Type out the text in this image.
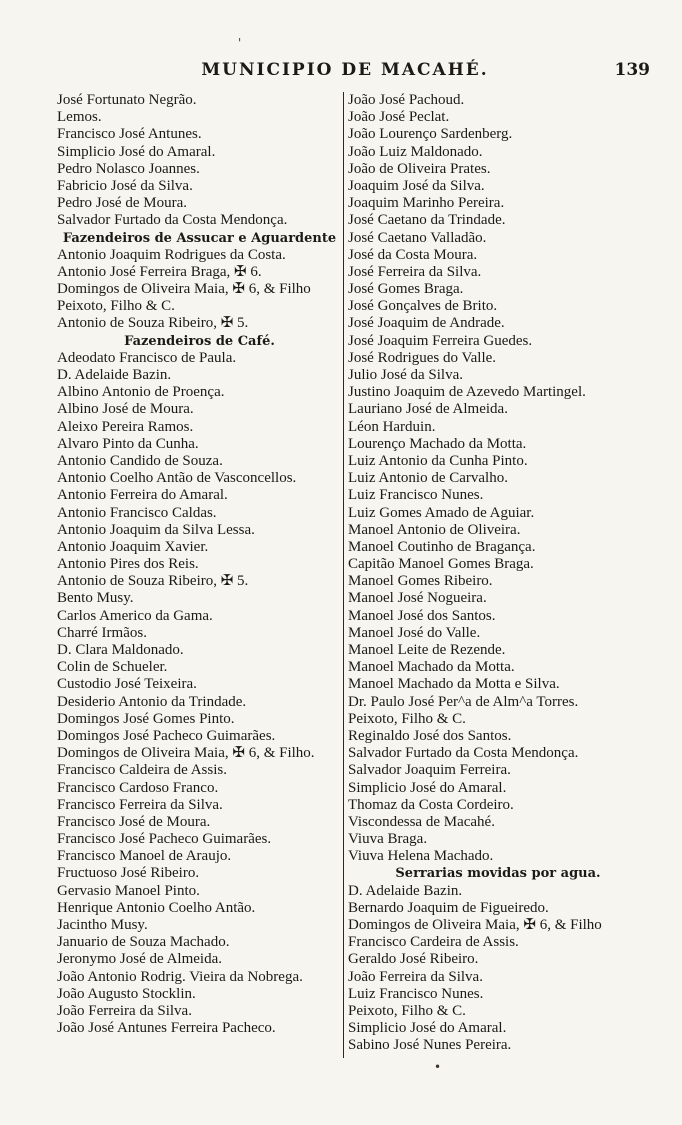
MUNICIPIO DE MACAHÉ.	139
'
•
José Fortunato Negrão.
Lemos.
Francisco José Antunes.
Simplicio José do Amaral.
Pedro Nolasco Joannes.
Fabricio José da Silva.
Pedro José de Moura.
Salvador Furtado da Costa Mendonça.
Fazendeiros de Assucar e Aguardente
Antonio Joaquim Rodrigues da Costa.
Antonio José Ferreira Braga, ✠ 6.
Domingos de Oliveira Maia, ✠ 6, & Filho
Peixoto, Filho & C.
Antonio de Souza Ribeiro, ✠ 5.
Fazendeiros de Café.
Adeodato Francisco de Paula.
D. Adelaide Bazin.
Albino Antonio de Proença.
Albino José de Moura.
Aleixo Pereira Ramos.
Alvaro Pinto da Cunha.
Antonio Candido de Souza.
Antonio Coelho Antão de Vasconcellos.
Antonio Ferreira do Amaral.
Antonio Francisco Caldas.
Antonio Joaquim da Silva Lessa.
Antonio Joaquim Xavier.
Antonio Pires dos Reis.
Antonio de Souza Ribeiro, ✠ 5.
Bento Musy.
Carlos Americo da Gama.
Charré Irmãos.
D. Clara Maldonado.
Colin de Schueler.
Custodio José Teixeira.
Desiderio Antonio da Trindade.
Domingos José Gomes Pinto.
Domingos José Pacheco Guimarães.
Domingos de Oliveira Maia, ✠ 6, & Filho.
Francisco Caldeira de Assis.
Francisco Cardoso Franco.
Francisco Ferreira da Silva.
Francisco José de Moura.
Francisco José Pacheco Guimarães.
Francisco Manoel de Araujo.
Fructuoso José Ribeiro.
Gervasio Manoel Pinto.
Henrique Antonio Coelho Antão.
Jacintho Musy.
Januario de Souza Machado.
Jeronymo José de Almeida.
João Antonio Rodrig. Vieira da Nobrega.
João Augusto Stocklin.
João Ferreira da Silva.
João José Antunes Ferreira Pacheco.
João José Pachoud.
João José Peclat.
João Lourenço Sardenberg.
João Luiz Maldonado.
João de Oliveira Prates.
Joaquim José da Silva.
Joaquim Marinho Pereira.
José Caetano da Trindade.
José Caetano Valladão.
José da Costa Moura.
José Ferreira da Silva.
José Gomes Braga.
José Gonçalves de Brito.
José Joaquim de Andrade.
José Joaquim Ferreira Guedes.
José Rodrigues do Valle.
Julio José da Silva.
Justino Joaquim de Azevedo Martingel.
Lauriano José de Almeida.
Léon Harduin.
Lourenço Machado da Motta.
Luiz Antonio da Cunha Pinto.
Luiz Antonio de Carvalho.
Luiz Francisco Nunes.
Luiz Gomes Amado de Aguiar.
Manoel Antonio de Oliveira.
Manoel Coutinho de Bragança.
Capitão Manoel Gomes Braga.
Manoel Gomes Ribeiro.
Manoel José Nogueira.
Manoel José dos Santos.
Manoel José do Valle.
Manoel Leite de Rezende.
Manoel Machado da Motta.
Manoel Machado da Motta e Silva.
Dr. Paulo José Per^a de Alm^a Torres.
Peixoto, Filho & C.
Reginaldo José dos Santos.
Salvador Furtado da Costa Mendonça.
Salvador Joaquim Ferreira.
Simplicio José do Amaral.
Thomaz da Costa Cordeiro.
Viscondessa de Macahé.
Viuva Braga.
Viuva Helena Machado.
Serrarias movidas por agua.
D. Adelaide Bazin.
Bernardo Joaquim de Figueiredo.
Domingos de Oliveira Maia, ✠ 6, & Filho
Francisco Cardeira de Assis.
Geraldo José Ribeiro.
João Ferreira da Silva.
Luiz Francisco Nunes.
Peixoto, Filho & C.
Simplicio José do Amaral.
Sabino José Nunes Pereira.
